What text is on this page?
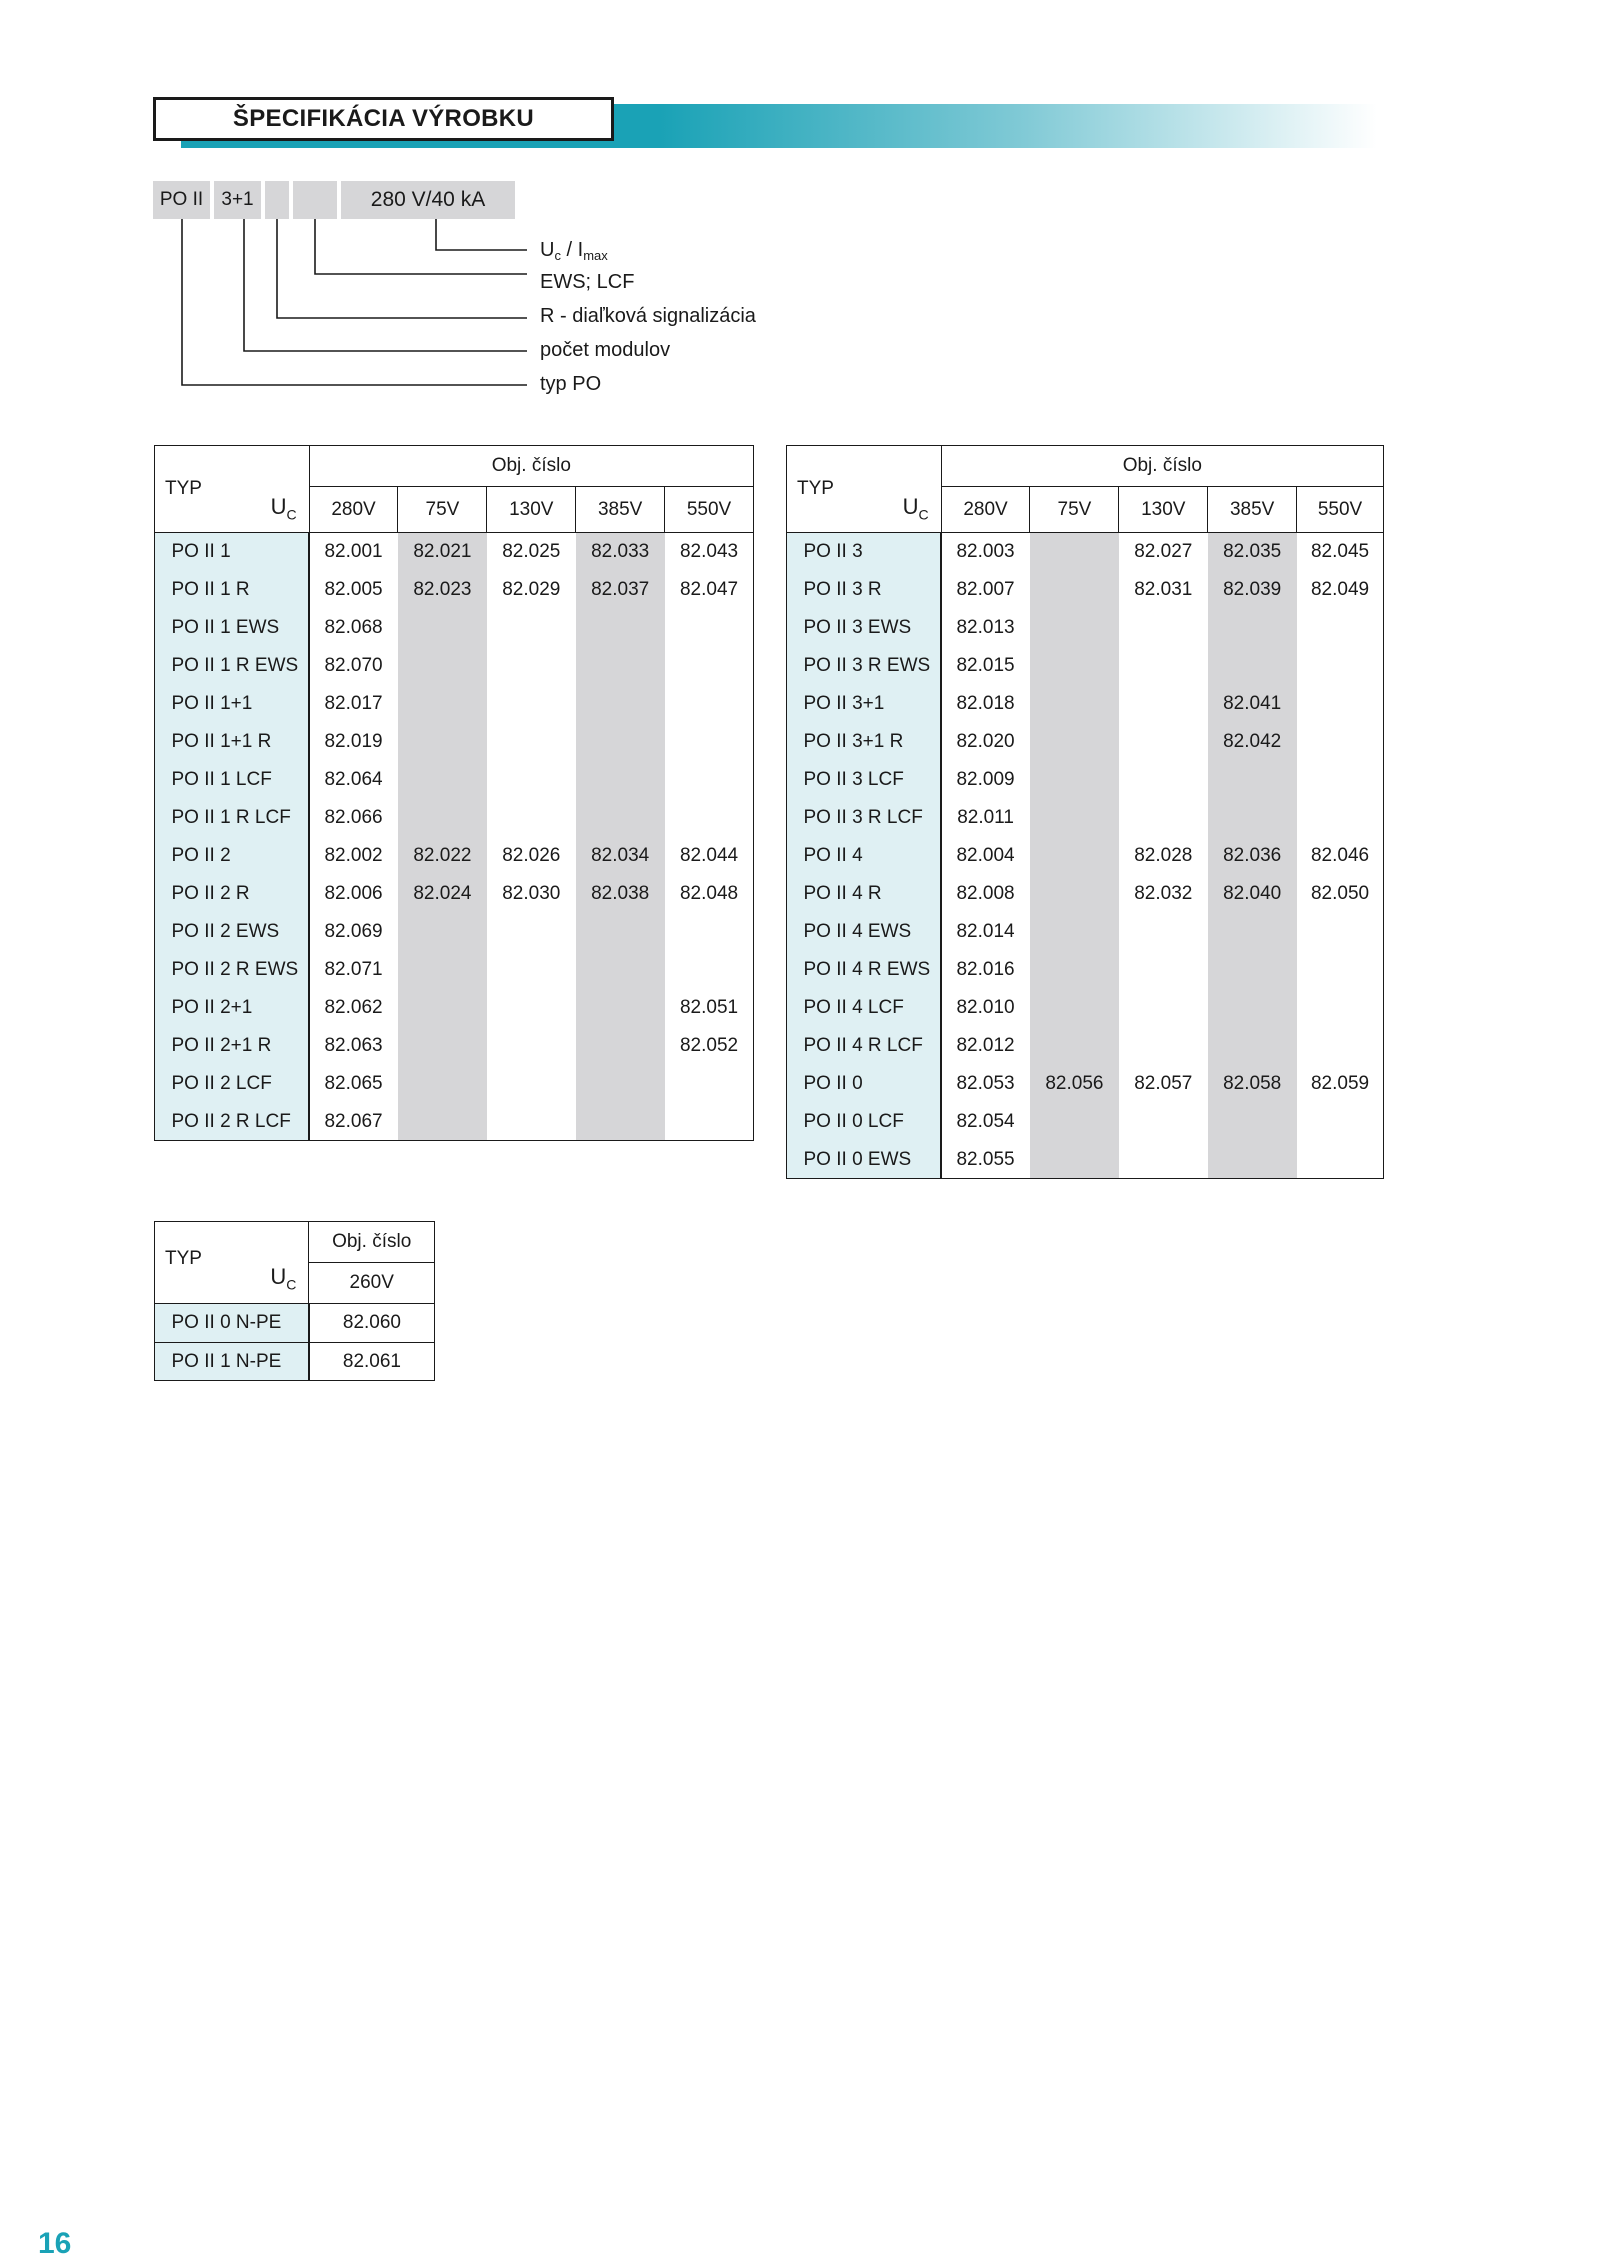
ŠPECIFIKÁCIA VÝROBKU
PO II 3+1	280 V/40 kA
$U_c / I_{max}$
EWS; LCF
R - diaľková signalizácia
počet modulov
typ PO
TYP
$U_C$	Obj. číslo				
	280V	75V	130V	385V	550V
PO II 1	82.001	82.021	82.025	82.033	82.043
PO II 1 R	82.005	82.023	82.029	82.037	82.047
PO II 1 EWS	82.068				
PO II 1 R EWS	82.070				
PO II 1+1	82.017				
PO II 1+1 R	82.019				
PO II 1 LCF	82.064				
PO II 1 R LCF	82.066				
PO II 2	82.002	82.022	82.026	82.034	82.044
PO II 2 R	82.006	82.024	82.030	82.038	82.048
PO II 2 EWS	82.069				
PO II 2 R EWS	82.071				
PO II 2+1	82.062				82.051
PO II 2+1 R	82.063				82.052
PO II 2 LCF	82.065				
PO II 2 R LCF	82.067				
TYP
$U_C$	Obj. číslo				
	280V	75V	130V	385V	550V
PO II 3	82.003		82.027	82.035	82.045
PO II 3 R	82.007		82.031	82.039	82.049
PO II 3 EWS	82.013				
PO II 3 R EWS	82.015				
PO II 3+1	82.018			82.041	
PO II 3+1 R	82.020			82.042	
PO II 3 LCF	82.009				
PO II 3 R LCF	82.011				
PO II 4	82.004		82.028	82.036	82.046
PO II 4 R	82.008		82.032	82.040	82.050
PO II 4 EWS	82.014				
PO II 4 R EWS	82.016				
PO II 4 LCF	82.010				
PO II 4 R LCF	82.012				
PO II 0	82.053	82.056	82.057	82.058	82.059
PO II 0 LCF	82.054				
PO II 0 EWS	82.055				
TYP
$U_C$	Obj. číslo
	260V
PO II 0 N-PE	82.060
PO II 1 N-PE	82.061
16
